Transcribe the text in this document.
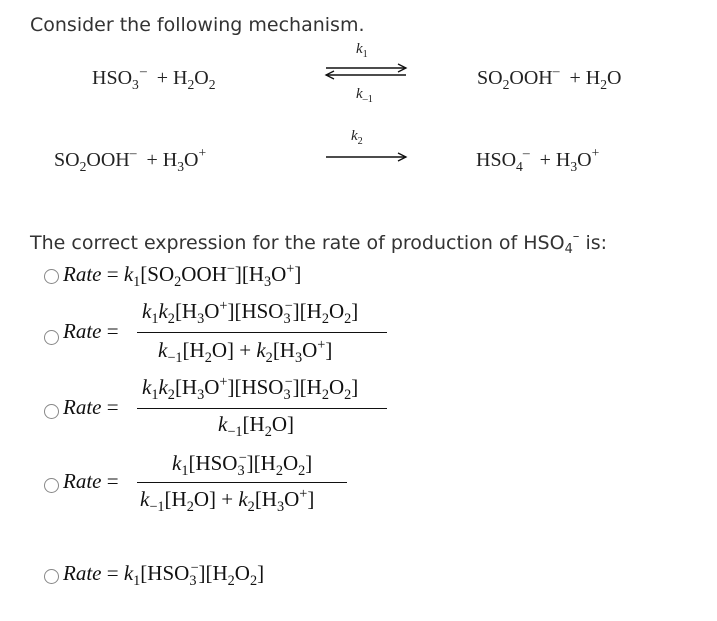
Consider the following mechanism.
$HSO_3$ $^- + H_2O_2$
$k_1$
$k_{-1}$
$SO_2OOH^- + H_2O$
$SO_2OOH^- + H_3O^+$
$k_2$
$HSO_4^- + H_3O^+$
The correct expression for the rate of production of $HSO_4^-$ is:
Rate = $k_1[SO_2OOH^-][H_3O^+]$
Rate =
$k_1k_2[H_3O^+][HSO_3^-][H_2O_2]$
$k_{-1}[H_2O] + k_2[H_3O^+]$
Rate =
$k_1k_2[H_3O^+][HSO_3^-][H_2O_2]$
$k_{-1}[H_2O]$
Rate =
$k_1[HSO_3^-][H_2O_2]$
$k_{-1}[H_2O] + k_2[H_3O^+]$
Rate = $k_1[HSO_3^-][H_2O_2]$
